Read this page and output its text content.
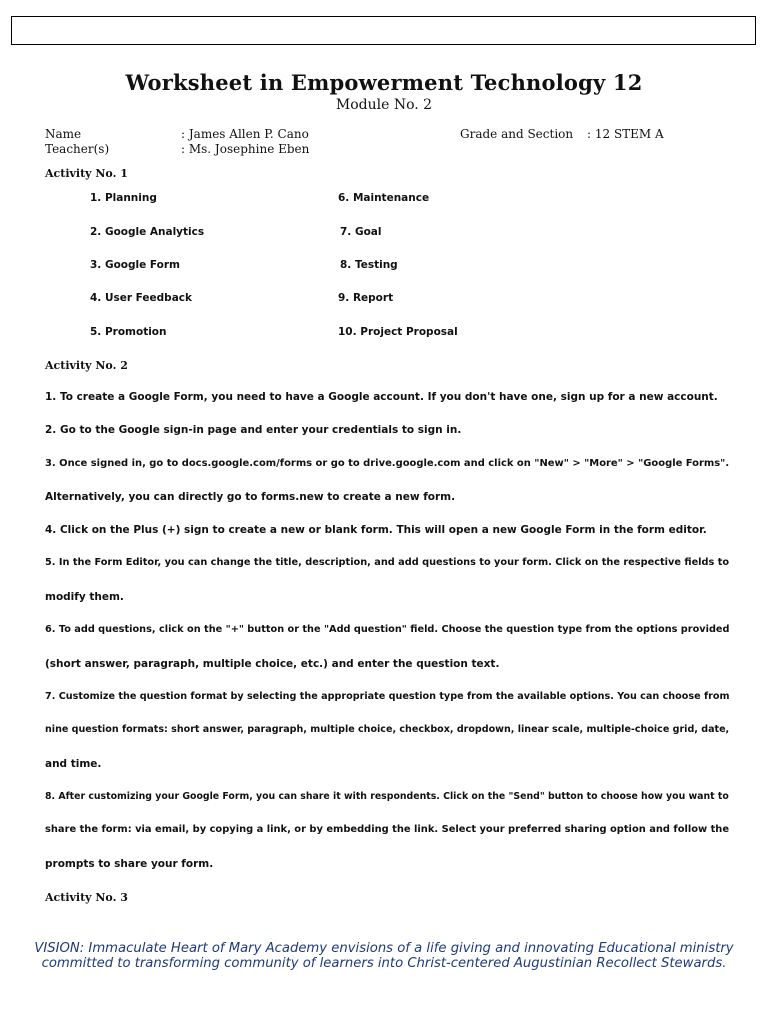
Worksheet in Empowerment Technology 12
Module No. 2
Name	: James Allen P. Cano	Grade and Section : 12 STEM A
Teacher(s)	: Ms. Josephine Eben
Activity No. 1
1. Planning
2. Google Analytics
3. Google Form
4. User Feedback
5. Promotion
6. Maintenance
7. Goal
8. Testing
9. Report
10. Project Proposal
Activity No. 2
1. To create a Google Form, you need to have a Google account. If you don't have one, sign up for a new account.
2. Go to the Google sign-in page and enter your credentials to sign in.
3. Once signed in, go to docs.google.com/forms or go to drive.google.com and click on "New" > "More" > "Google Forms".
Alternatively, you can directly go to forms.new to create a new form.
4. Click on the Plus (+) sign to create a new or blank form. This will open a new Google Form in the form editor.
5. In the Form Editor, you can change the title, description, and add questions to your form. Click on the respective fields to
modify them.
6. To add questions, click on the "+" button or the "Add question" field. Choose the question type from the options provided
(short answer, paragraph, multiple choice, etc.) and enter the question text.
7. Customize the question format by selecting the appropriate question type from the available options. You can choose from
nine question formats: short answer, paragraph, multiple choice, checkbox, dropdown, linear scale, multiple-choice grid, date,
and time.
8. After customizing your Google Form, you can share it with respondents. Click on the "Send" button to choose how you want to
share the form: via email, by copying a link, or by embedding the link. Select your preferred sharing option and follow the
prompts to share your form.
Activity No. 3
VISION: Immaculate Heart of Mary Academy envisions of a life giving and innovating Educational ministry committed to transforming community of learners into Christ-centered Augustinian Recollect Stewards.
